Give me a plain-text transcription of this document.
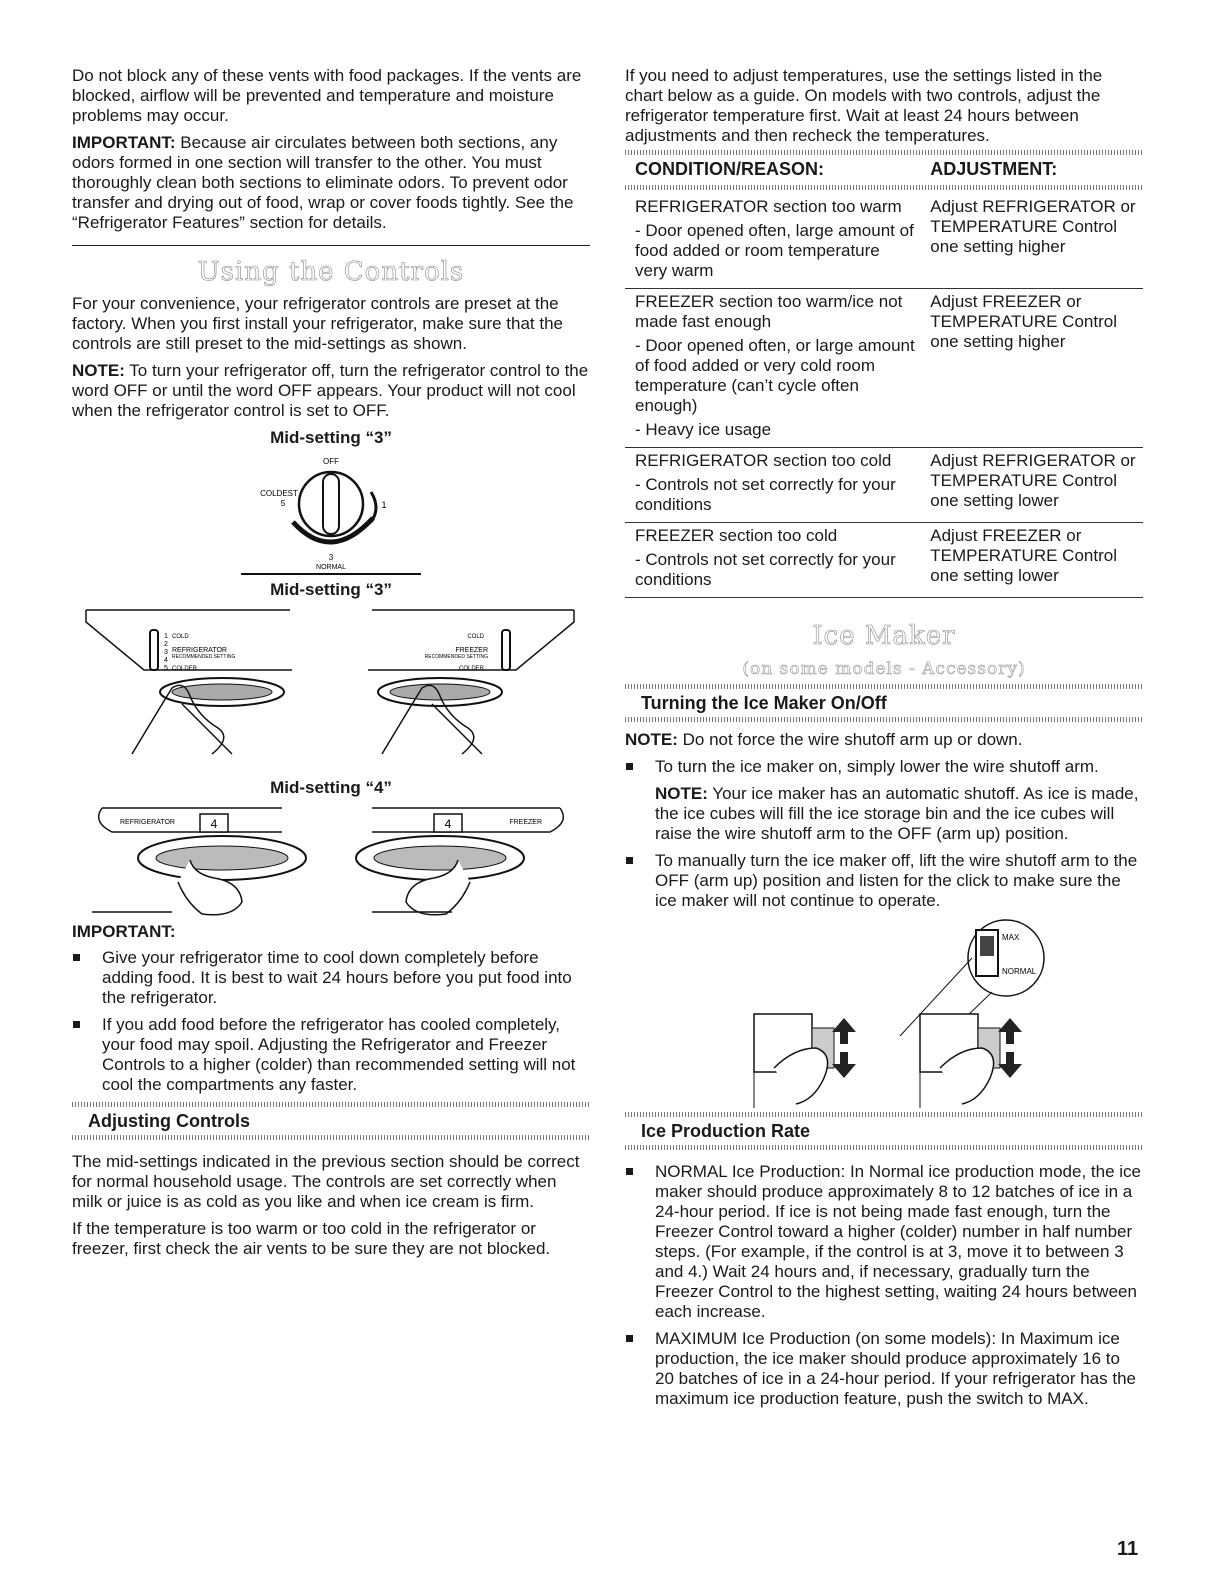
Do not block any of these vents with food packages. If the vents are blocked, airflow will be prevented and temperature and moisture problems may occur.

IMPORTANT: Because air circulates between both sections, any odors formed in one section will transfer to the other. You must thoroughly clean both sections to eliminate odors. To prevent odor transfer and drying out of food, wrap or cover foods tightly. See the “Refrigerator Features” section for details.

Using the Controls

For your convenience, your refrigerator controls are preset at the factory. When you first install your refrigerator, make sure that the controls are still preset to the mid-settings as shown.

NOTE: To turn your refrigerator off, turn the refrigerator control to the word OFF or until the word OFF appears. Your product will not cool when the refrigerator control is set to OFF.

Mid-setting “3”
OFF
COLDEST
5	1
3
NORMAL
Mid-setting “3”
1 COLD
2
3 REFRIGERATOR
RECOMMENDED SETTING
4
5 COLDER
COLD
FREEZER
RECOMMENDED SETTING
COLDER
Mid-setting “4”
REFRIGERATOR	4	FREEZER
4

IMPORTANT:

Give your refrigerator time to cool down completely before adding food. It is best to wait 24 hours before you put food into the refrigerator.
If you add food before the refrigerator has cooled completely, your food may spoil. Adjusting the Refrigerator and Freezer Controls to a higher (colder) than recommended setting will not cool the compartments any faster.
Adjusting Controls

The mid-settings indicated in the previous section should be correct for normal household usage. The controls are set correctly when milk or juice is as cold as you like and when ice cream is firm.

If the temperature is too warm or too cold in the refrigerator or freezer, first check the air vents to be sure they are not blocked.

If you need to adjust temperatures, use the settings listed in the chart below as a guide. On models with two controls, adjust the refrigerator temperature first. Wait at least 24 hours between adjustments and then recheck the temperatures.

CONDITION/REASON:	ADJUSTMENT:

REFRIGERATOR section too warm
- Door opened often, large amount of food added or room temperature very warm	Adjust REFRIGERATOR or TEMPERATURE Control one setting higher

FREEZER section too warm/ice not made fast enough
- Door opened often, or large amount of food added or very cold room temperature (can’t cycle often enough)
- Heavy ice usage	Adjust FREEZER or TEMPERATURE Control one setting higher

REFRIGERATOR section too cold
- Controls not set correctly for your conditions	Adjust REFRIGERATOR or TEMPERATURE Control one setting lower

FREEZER section too cold
- Controls not set correctly for your conditions	Adjust FREEZER or TEMPERATURE Control one setting lower
Ice Maker
(on some models - Accessory)
Turning the Ice Maker On/Off

NOTE: Do not force the wire shutoff arm up or down.

To turn the ice maker on, simply lower the wire shutoff arm.
NOTE: Your ice maker has an automatic shutoff. As ice is made, the ice cubes will fill the ice storage bin and the ice cubes will raise the wire shutoff arm to the OFF (arm up) position.
To manually turn the ice maker off, lift the wire shutoff arm to the OFF (arm up) position and listen for the click to make sure the ice maker will not continue to operate.
MAX
NORMAL
Ice Production Rate
NORMAL Ice Production: In Normal ice production mode, the ice maker should produce approximately 8 to 12 batches of ice in a 24-hour period. If ice is not being made fast enough, turn the Freezer Control toward a higher (colder) number in half number steps. (For example, if the control is at 3, move it to between 3 and 4.) Wait 24 hours and, if necessary, gradually turn the Freezer Control to the highest setting, waiting 24 hours between each increase.
MAXIMUM Ice Production (on some models): In Maximum ice production, the ice maker should produce approximately 16 to 20 batches of ice in a 24-hour period. If your refrigerator has the maximum ice production feature, push the switch to MAX.
11
